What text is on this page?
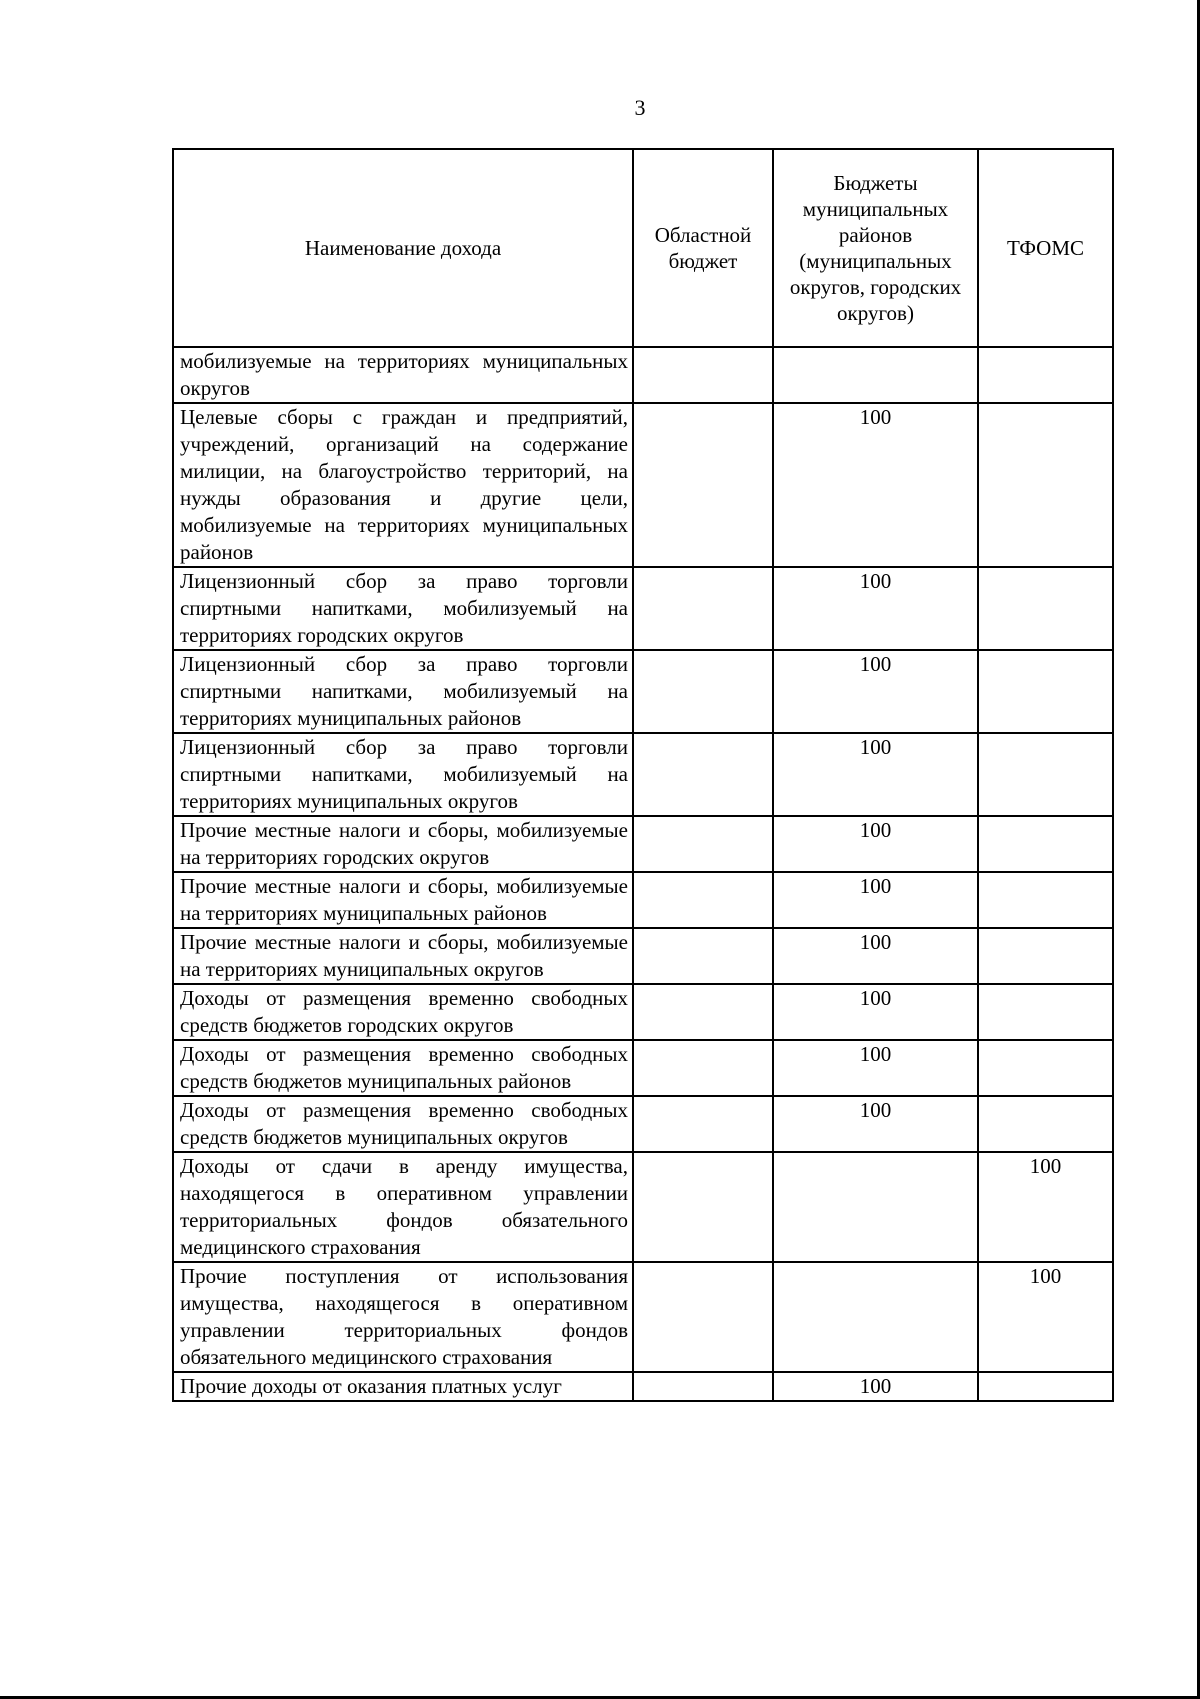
3
Наименование дохода	Областной бюджет	Бюджеты муниципальных районов (муниципальных округов, городских округов)	ТФОМС
мобилизуемые на территориях муниципальных округов			
Целевые сборы с граждан и предприятий, учреждений, организаций на содержание милиции, на благоустройство территорий, на нужды образования и другие цели, мобилизуемые на территориях муниципальных районов		100	
Лицензионный сбор за право торговли спиртными напитками, мобилизуемый на территориях городских округов		100	
Лицензионный сбор за право торговли спиртными напитками, мобилизуемый на территориях муниципальных районов		100	
Лицензионный сбор за право торговли спиртными напитками, мобилизуемый на территориях муниципальных округов		100	
Прочие местные налоги и сборы, мобилизуемые на территориях городских округов		100	
Прочие местные налоги и сборы, мобилизуемые на территориях муниципальных районов		100	
Прочие местные налоги и сборы, мобилизуемые на территориях муниципальных округов		100	
Доходы от размещения временно свободных средств бюджетов городских округов		100	
Доходы от размещения временно свободных средств бюджетов муниципальных районов		100	
Доходы от размещения временно свободных средств бюджетов муниципальных округов		100	
Доходы от сдачи в аренду имущества, находящегося в оперативном управлении территориальных фондов обязательного медицинского страхования			100
Прочие поступления от использования имущества, находящегося в оперативном управлении территориальных фондов обязательного медицинского страхования			100
Прочие доходы от оказания платных услуг		100	
